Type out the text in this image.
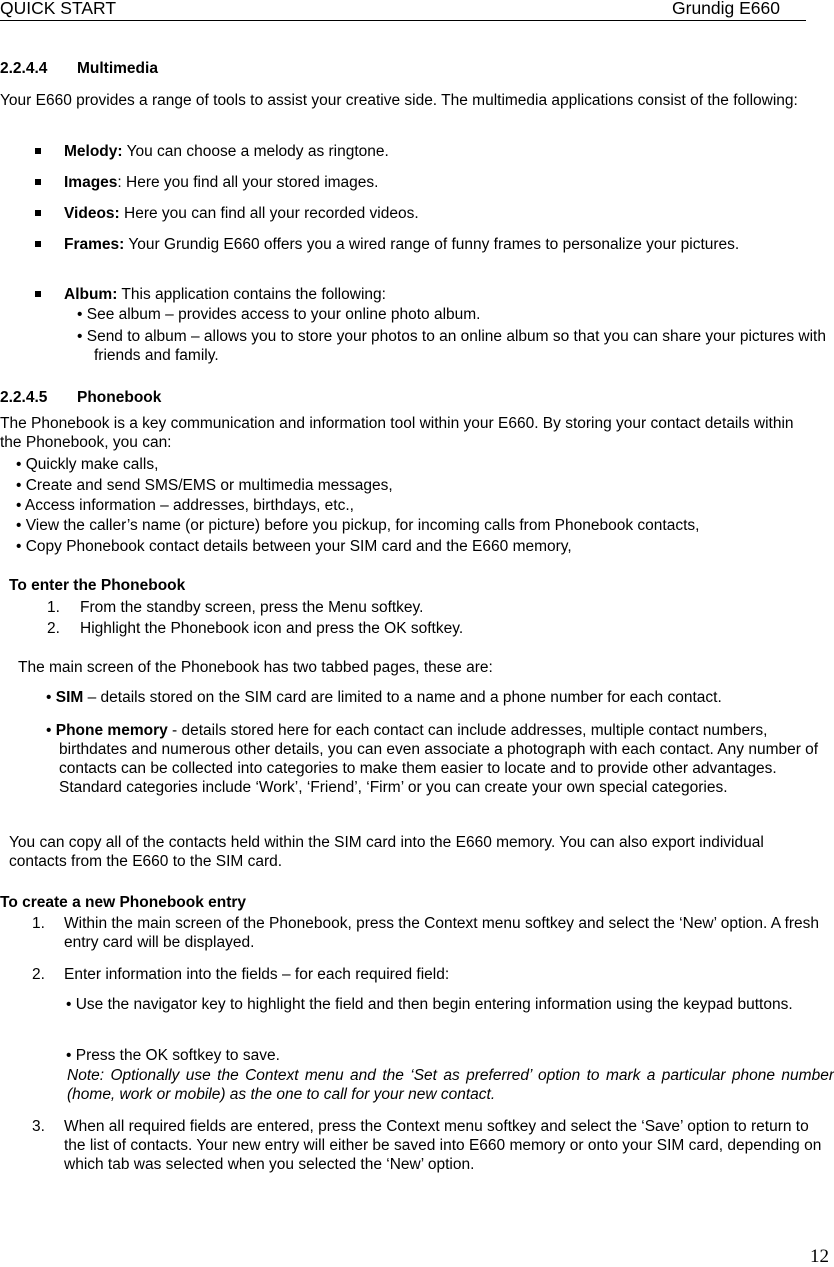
QUICK START	Grundig E660
2.2.4.4 Multimedia
Your E660 provides a range of tools to assist your creative side. The multimedia applications consist of the following:
Melody: You can choose a melody as ringtone.
Images: Here you find all your stored images.
Videos: Here you can find all your recorded videos.
Frames: Your Grundig E660 offers you a wired range of funny frames to personalize your pictures.
Album: This application contains the following:
• See album – provides access to your online photo album.
• Send to album – allows you to store your photos to an online album so that you can share your pictures with friends and family.
2.2.4.5 Phonebook
The Phonebook is a key communication and information tool within your E660. By storing your contact details within the Phonebook, you can:
• Quickly make calls,
• Create and send SMS/EMS or multimedia messages,
• Access information – addresses, birthdays, etc.,
• View the caller’s name (or picture) before you pickup, for incoming calls from Phonebook contacts,
• Copy Phonebook contact details between your SIM card and the E660 memory,
To enter the Phonebook
1. From the standby screen, press the Menu softkey.
2. Highlight the Phonebook icon and press the OK softkey.
The main screen of the Phonebook has two tabbed pages, these are:
• SIM – details stored on the SIM card are limited to a name and a phone number for each contact.
• Phone memory - details stored here for each contact can include addresses, multiple contact numbers, birthdates and numerous other details, you can even associate a photograph with each contact. Any number of contacts can be collected into categories to make them easier to locate and to provide other advantages. Standard categories include ‘Work’, ‘Friend’, ‘Firm’ or you can create your own special categories.
You can copy all of the contacts held within the SIM card into the E660 memory. You can also export individual contacts from the E660 to the SIM card.
To create a new Phonebook entry
1. Within the main screen of the Phonebook, press the Context menu softkey and select the ‘New’ option. A fresh entry card will be displayed.
2. Enter information into the fields – for each required field:
• Use the navigator key to highlight the field and then begin entering information using the keypad buttons.
• Press the OK softkey to save.
Note: Optionally use the Context menu and the ‘Set as preferred’ option to mark a particular phone number (home, work or mobile) as the one to call for your new contact.
3. When all required fields are entered, press the Context menu softkey and select the ‘Save’ option to return to the list of contacts. Your new entry will either be saved into E660 memory or onto your SIM card, depending on which tab was selected when you selected the ‘New’ option.
12
